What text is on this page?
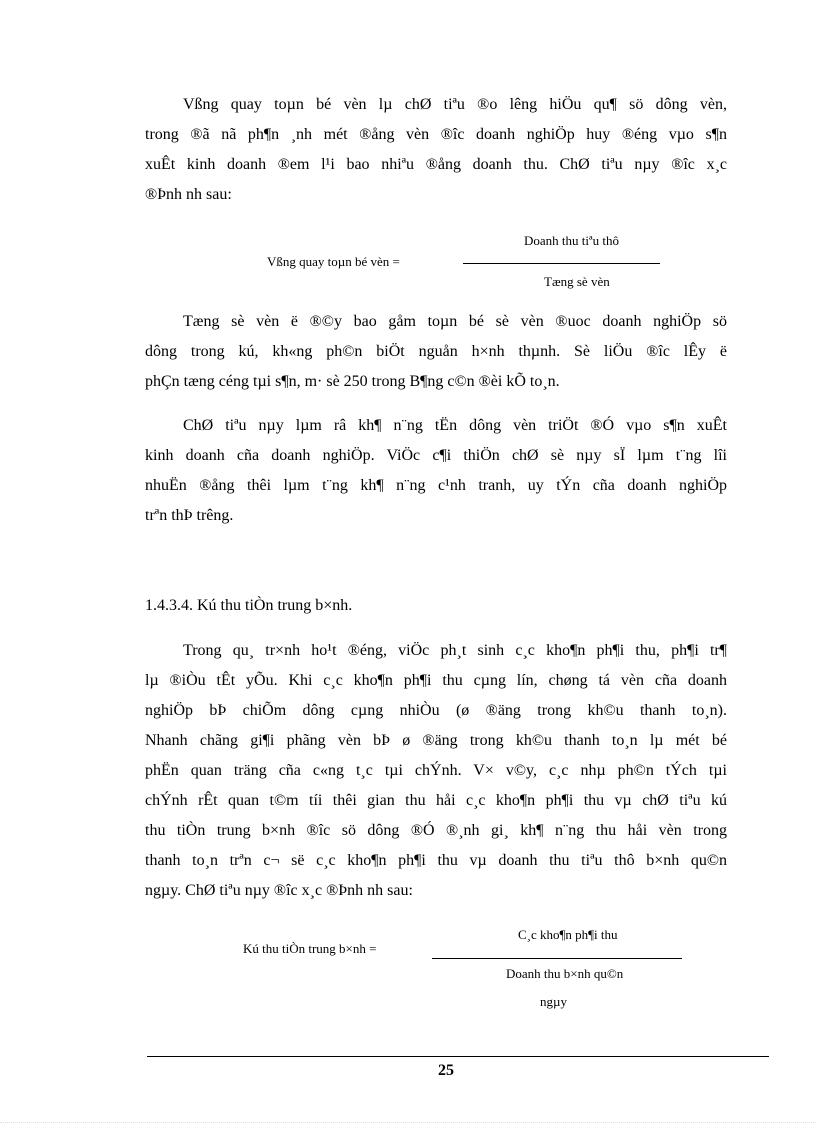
Vßng quay toµn bé vèn lµ chØ tiªu ®o lêng hiÖu qu¶ sö dông vèn,
trong ®ã nã ph¶n ¸nh mét ®ång vèn ®îc doanh nghiÖp huy ®éng vµo s¶n
xuÊt kinh doanh ®em l¹i bao nhiªu ®ång doanh thu. ChØ tiªu nµy ®îc x¸c
®Þnh nh sau:
Vßng quay toµn bé vèn =
Doanh thu tiªu thô
Tæng sè vèn
Tæng sè vèn ë ®©y bao gåm toµn bé sè vèn ®uoc doanh nghiÖp sö
dông trong kú, kh«ng ph©n biÖt nguån h×nh thµnh. Sè liÖu ®îc lÊy ë
phÇn tæng céng tµi s¶n, m· sè 250 trong B¶ng c©n ®èi kÕ to¸n.
ChØ tiªu nµy lµm râ kh¶ n¨ng tËn dông vèn triÖt ®Ó vµo s¶n xuÊt
kinh doanh cña doanh nghiÖp. ViÖc c¶i thiÖn chØ sè nµy sÏ lµm t¨ng lîi
nhuËn ®ång thêi lµm t¨ng kh¶ n¨ng c¹nh tranh, uy tÝn cña doanh nghiÖp
trªn thÞ trêng.
1.4.3.4. Kú thu tiÒn trung b×nh.
Trong qu¸ tr×nh ho¹t ®éng, viÖc ph¸t sinh c¸c kho¶n ph¶i thu, ph¶i tr¶
lµ ®iÒu tÊt yÕu. Khi c¸c kho¶n ph¶i thu cµng lín, chøng tá vèn cña doanh
nghiÖp bÞ chiÕm dông cµng nhiÒu (ø ®äng trong kh©u thanh to¸n).
Nhanh chãng gi¶i phãng vèn bÞ ø ®äng trong kh©u thanh to¸n lµ mét bé
phËn quan träng cña c«ng t¸c tµi chÝnh. V× v©y, c¸c nhµ ph©n tÝch tµi
chÝnh rÊt quan t©m tíi thêi gian thu håi c¸c kho¶n ph¶i thu vµ chØ tiªu kú
thu tiÒn trung b×nh ®îc sö dông ®Ó ®¸nh gi¸ kh¶ n¨ng thu håi vèn trong
thanh to¸n trªn c¬ së c¸c kho¶n ph¶i thu vµ doanh thu tiªu thô b×nh qu©n
ngµy. ChØ tiªu nµy ®îc x¸c ®Þnh nh sau:
Kú thu tiÒn trung b×nh =
C¸c kho¶n ph¶i thu
Doanh thu b×nh qu©n
ngµy
25
